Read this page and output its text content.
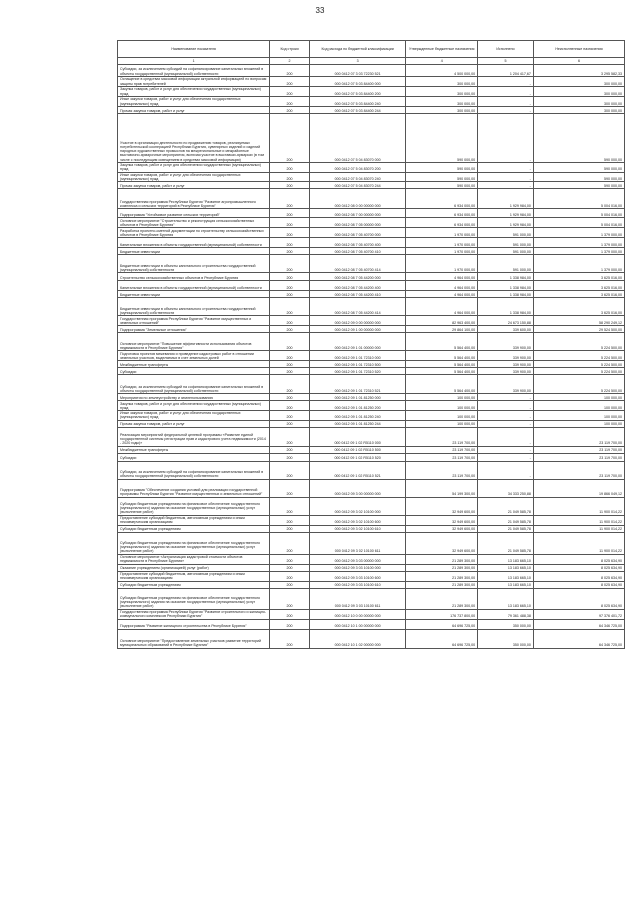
33
Наименование показателя	Код строки	Код расхода по бюджетной классификации	Утвержденные бюджетные назначения	Исполнено	Неисполненные назначения
1	2	3	4	5	6
Субсидии, за исключением субсидий на софинансирование капитальных вложений в объекты государственной (муниципальной) собственности	200	000 0412 07 3 03 72230 521	4 500 000,00	1 204 417,67	3 295 582,33
Оснащение в средствах массовой информации актуальной информацией по вопросам защиты прав потребителей	200	000 0412 07 5 03 84400 000	300 000,00	-	300 000,00
Закупка товаров, работ и услуг для обеспечения государственных (муниципальных) нужд	200	000 0412 07 5 03 84400 200	300 000,00	-	300 000,00
Иные закупки товаров, работ и услуг для обеспечения государственных (муниципальных) нужд	200	000 0412 07 5 03 84400 240	300 000,00	-	300 000,00
Прочая закупка товаров, работ и услуг	200	000 0412 07 5 03 84400 244	300 000,00	-	300 000,00
Участие в организации деятельности по продвижению товаров, реализуемых потребительской кооперацией Республики Бурятия, сувенирных изделий и изделий народных художественных промыслов на межрегиональные и межрайонные выставочно-ярмарочные мероприятия, включая участие в выставках-ярмарках (в том числе с последующим освещением в средствах массовой информации)	200	000 0412 07 5 04 83070 000	590 000,00	-	590 000,00
Закупка товаров, работ и услуг для обеспечения государственных (муниципальных) нужд	200	000 0412 07 5 04 83070 200	590 000,00	-	590 000,00
Иные закупки товаров, работ и услуг для обеспечения государственных (муниципальных) нужд	200	000 0412 07 5 04 83070 240	590 000,00	-	590 000,00
Прочая закупка товаров, работ и услуг	200	000 0412 07 5 04 83070 244	590 000,00	-	590 000,00
Государственная программа Республики Бурятия "Развитие агропромышленного комплекса и сельских территорий в Республике Бурятия"	200	000 0412 08 0 00 00000 000	6 934 000,00	1 929 984,00	5 004 016,00
Подпрограмма "Устойчивое развитие сельских территорий"	200	000 0412 08 7 00 00000 000	6 934 000,00	1 929 984,00	5 004 016,00
Основное мероприятие "Строительство и реконструкция сельскохозяйственных объектов в Республике Бурятия"	200	000 0412 08 7 05 00000 000	6 934 000,00	1 929 984,00	5 004 016,00
Разработка проектно-сметной документации по строительству сельскохозяйственных объектов в Республике Бурятия	200	000 0412 08 7 05 40700 000	1 970 000,00	591 000,00	1 379 000,00
Капитальные вложения в объекты государственной (муниципальной) собственности	200	000 0412 08 7 05 40700 400	1 970 000,00	591 000,00	1 379 000,00
Бюджетные инвестиции	200	000 0412 08 7 05 40700 410	1 970 000,00	591 000,00	1 379 000,00
Бюджетные инвестиции в объекты капитального строительства государственной (муниципальной) собственности	200	000 0412 08 7 05 40700 414	1 970 000,00	591 000,00	1 379 000,00
Строительство сельскохозяйственных объектов в Республике Бурятия	200	000 0412 08 7 05 44200 000	4 964 000,00	1 338 984,00	3 625 016,00
Капитальные вложения в объекты государственной (муниципальной) собственности	200	000 0412 08 7 05 44200 400	4 964 000,00	1 338 984,00	3 625 016,00
Бюджетные инвестиции	200	000 0412 08 7 05 44200 410	4 964 000,00	1 338 984,00	3 625 016,00
Бюджетные инвестиции в объекты капитального строительства государственной (муниципальной) собственности	200	000 0412 08 7 05 44200 414	4 964 000,00	1 338 984,00	3 625 016,00
Государственная программа Республики Бурятия "Развитие имущественных и земельных отношений"	200	000 0412 09 0 00 00000 000	82 963 400,00	24 673 150,88	58 290 249,12
Подпрограмма "Земельные отношения"	200	000 0412 09 1 00 00000 000	29 864 100,00	339 600,00	29 524 500,00
Основное мероприятие "Повышение эффективности использования объектов недвижимости в Республике Бурятия"	200	000 0412 09 1 01 00000 000	5 564 400,00	339 900,00	5 224 500,00
Подготовка проектов межевания и проведение кадастровых работ в отношении земельных участков, выделяемых в счет земельных долей	200	000 0412 09 1 01 72310 000	5 564 400,00	339 900,00	5 224 500,00
Межбюджетные трансферты	200	000 0412 09 1 01 72310 500	5 564 400,00	339 900,00	5 224 500,00
Субсидии	200	000 0412 09 1 01 72310 520	5 564 400,00	339 900,00	5 224 500,00
Субсидии, за исключением субсидий на софинансирование капитальных вложений в объекты государственной (муниципальной) собственности	200	000 0412 09 1 01 72310 521	5 564 400,00	339 900,00	5 224 500,00
Мероприятия по землеустройству и землепользованию	200	000 0412 09 1 01 81250 000	100 000,00	-	100 000,00
Закупка товаров, работ и услуг для обеспечения государственных (муниципальных) нужд	200	000 0412 09 1 01 81250 200	100 000,00	-	100 000,00
Иные закупки товаров, работ и услуг для обеспечения государственных (муниципальных) нужд	200	000 0412 09 1 01 81250 240	100 000,00	-	100 000,00
Прочая закупка товаров, работ и услуг	200	000 0412 09 1 01 81250 244	100 000,00	-	100 000,00
Реализация мероприятий федеральной целевой программы «Развитие единой государственной системы регистрации прав и кадастрового учета недвижимости (2014 - 2020 годы)»	200	000 0412 09 1 02 R5110 000	23 119 700,00	-	23 119 700,00
Межбюджетные трансферты	200	000 0412 09 1 02 R5110 500	23 119 700,00	-	23 119 700,00
Субсидии	200	000 0412 09 1 02 R5110 520	23 119 700,00	-	23 119 700,00
Субсидии, за исключением субсидий на софинансирование капитальных вложений в объекты государственной (муниципальной) собственности	200	000 0412 09 1 02 R5110 521	23 119 700,00	-	23 119 700,00
Подпрограмма "Обеспечение создания условий для реализации государственной программы Республики Бурятия "Развитие имущественных и земельных отношений"	200	000 0412 09 3 00 00000 000	54 199 300,00	34 333 250,88	19 866 049,12
Субсидии бюджетным учреждениям на финансовое обеспечение государственного (муниципального) задания на оказание государственных (муниципальных) услуг (выполнение работ)	200	000 0412 09 3 02 10100 000	32 949 600,00	21 049 585,78	11 900 014,22
Предоставление субсидий бюджетным, автономным учреждениям и иным некоммерческим организациям	200	000 0412 09 3 02 10100 600	32 949 600,00	21 049 585,78	11 900 014,22
Субсидии бюджетным учреждениям	200	000 0412 09 3 02 10100 610	32 949 600,00	21 049 585,78	11 900 014,22
Субсидии бюджетным учреждениям на финансовое обеспечение государственного (муниципального) задания на оказание государственных (муниципальных) услуг (выполнение работ)	200	000 0412 09 3 02 10100 611	32 949 600,00	21 049 585,78	11 900 014,22
Основное мероприятие «Актуализация кадастровой стоимости объектов недвижимости в Республике Бурятия»	200	000 0412 09 3 03 00000 000	21 289 300,00	13 183 665,10	8 025 634,90
Оказание учреждением (организацией) услуг (работ)	200	000 0412 09 3 03 10100 000	21 289 300,00	13 183 665,10	8 025 634,90
Предоставление субсидий бюджетным, автономным учреждениям и иным некоммерческим организациям	200	000 0412 09 3 03 10100 600	21 289 300,00	13 183 665,10	8 025 634,90
Субсидии бюджетным учреждениям	200	000 0412 09 3 03 10100 610	21 289 300,00	13 183 665,10	8 025 634,90
Субсидии бюджетным учреждениям на финансовое обеспечение государственного (муниципального) задания на оказание государственных (муниципальных) услуг (выполнение работ)	200	000 0412 09 3 03 10100 611	21 289 300,00	13 183 665,10	8 025 634,90
Государственная программа Республики Бурятия "Развитие строительного и жилищно-коммунального комплексов Республики Бурятия"	200	000 0412 10 0 00 00000 000	176 737 800,00	79 361 488,38	97 376 401,72
Подпрограмма "Развитие жилищного строительства в Республике Бурятия"	200	000 0412 10 1 00 00000 000	64 696 725,00	350 000,00	64 346 725,00
Основное мероприятие "Предоставление земельных участков развитие территорий муниципальных образований в Республике Бурятия"	200	000 0412 10 1 02 00000 000	64 696 725,00	350 000,00	64 346 725,00
